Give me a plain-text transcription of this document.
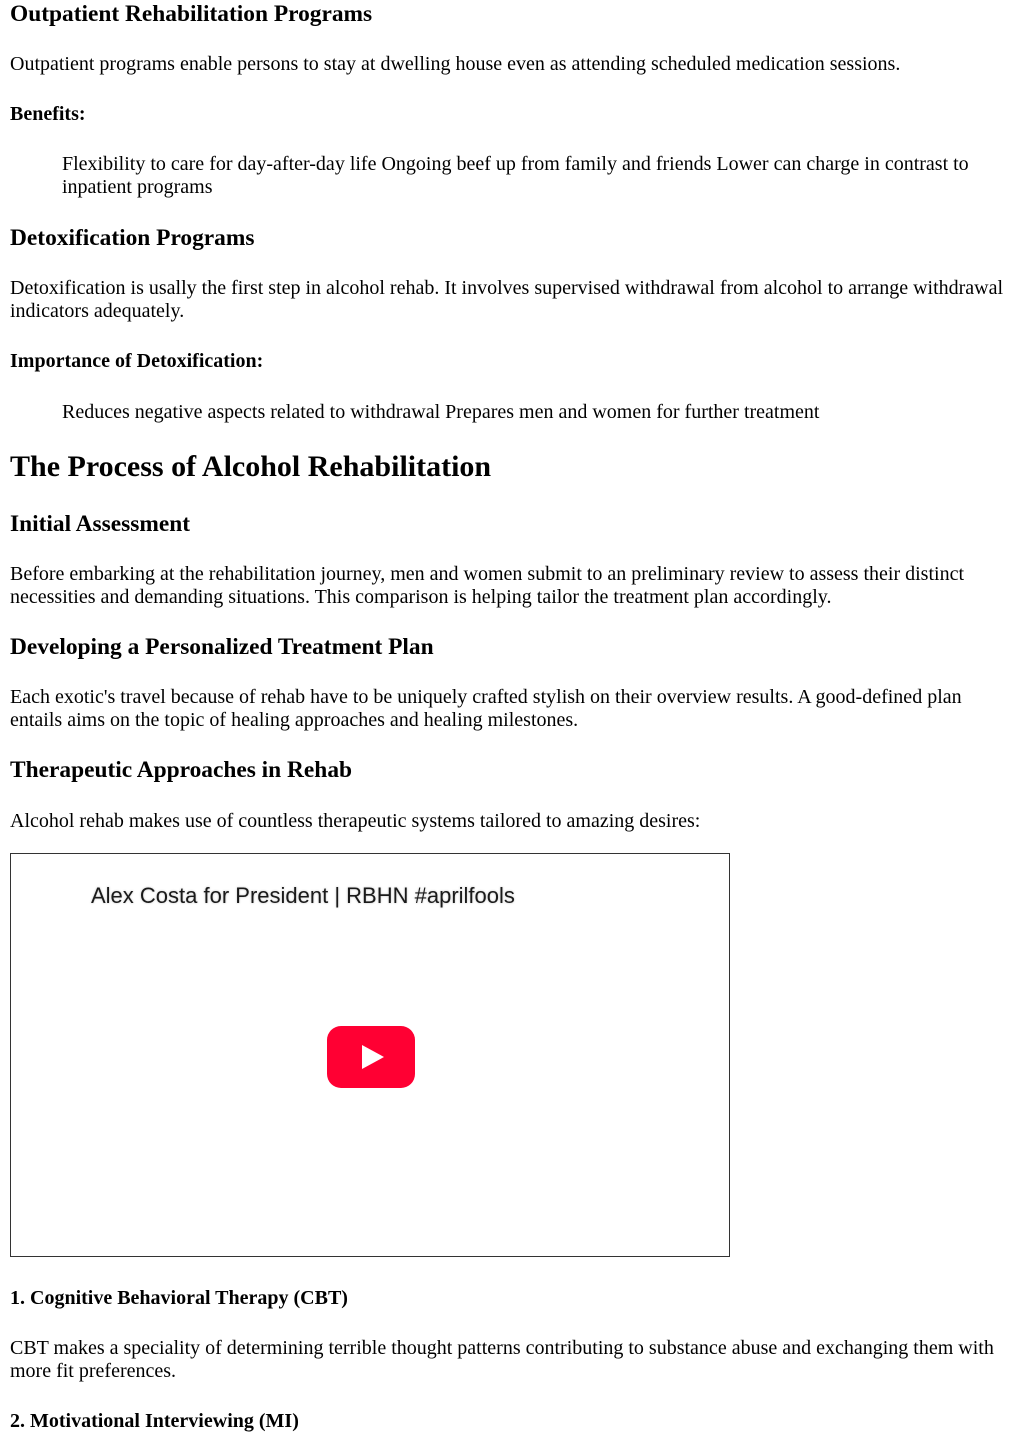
Outpatient Rehabilitation Programs

Outpatient programs enable persons to stay at dwelling house even as attending scheduled medication sessions.

Benefits:
Flexibility to care for day-after-day life Ongoing beef up from family and friends Lower can charge in contrast to inpatient programs
Detoxification Programs

Detoxification is usally the first step in alcohol rehab. It involves supervised withdrawal from alcohol to arrange withdrawal indicators adequately.

Importance of Detoxification:
Reduces negative aspects related to withdrawal Prepares men and women for further treatment
The Process of Alcohol Rehabilitation
Initial Assessment

Before embarking at the rehabilitation journey, men and women submit to an preliminary review to assess their distinct necessities and demanding situations. This comparison is helping tailor the treatment plan accordingly.

Developing a Personalized Treatment Plan

Each exotic's travel because of rehab have to be uniquely crafted stylish on their overview results. A good-defined plan entails aims on the topic of healing approaches and healing milestones.

Therapeutic Approaches in Rehab

Alcohol rehab makes use of countless therapeutic systems tailored to amazing desires:

Alex Costa for President | RBHN #aprilfools
1. Cognitive Behavioral Therapy (CBT)

CBT makes a speciality of determining terrible thought patterns contributing to substance abuse and exchanging them with more fit preferences.

2. Motivational Interviewing (MI)
